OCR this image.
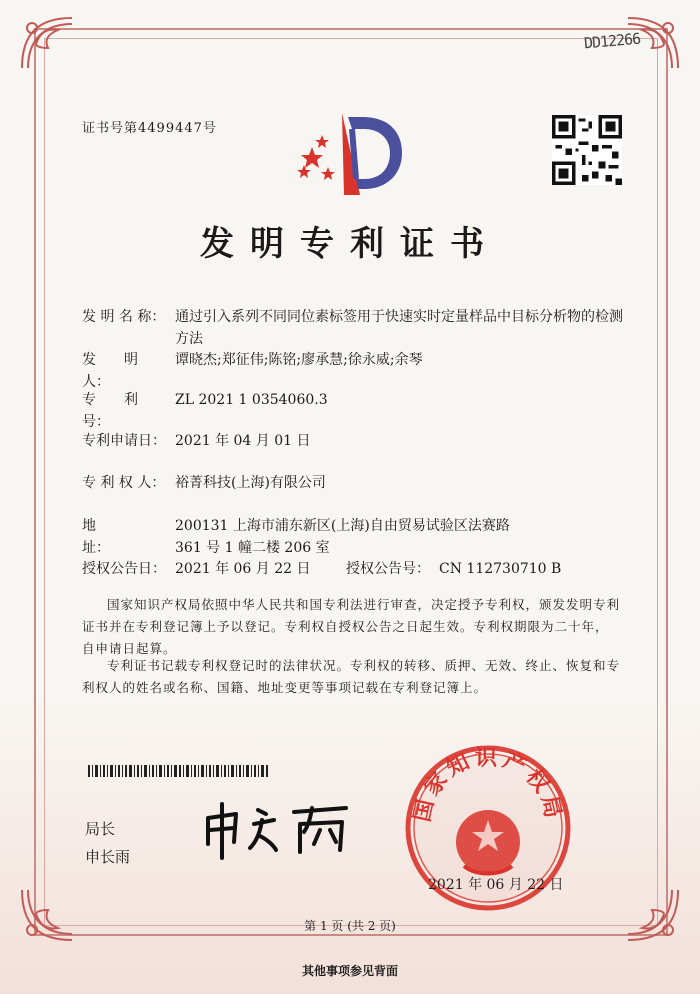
DD12266
证书号第4499447号
发明专利证书
发 明 名 称： 通过引入系列不同同位素标签用于快速实时定量样品中目标分析物的检测方法
发　　明　人：
谭晓杰;郑征伟;陈铭;廖承慧;徐永威;余琴
专　　利　号：
ZL 2021 1 0354060.3
专利申请日： 2021 年 04 月 01 日
专 利 权 人： 裕菁科技(上海)有限公司
地　　　　址：
200131 上海市浦东新区(上海)自由贸易试验区法赛路 361 号 1 幢二楼 206 室
授权公告日： 2021 年 06 月 22 日	授权公告号： CN 112730710 B
国家知识产权局依照中华人民共和国专利法进行审查，决定授予专利权，颁发发明专利证书并在专利登记簿上予以登记。专利权自授权公告之日起生效。专利权期限为二十年，自申请日起算。
专利证书记载专利权登记时的法律状况。专利权的转移、质押、无效、终止、恢复和专利权人的姓名或名称、国籍、地址变更等事项记载在专利登记簿上。
局长
申长雨
国家知识产权局
2021 年 06 月 22 日
第 1 页 (共 2 页)
其他事项参见背面
